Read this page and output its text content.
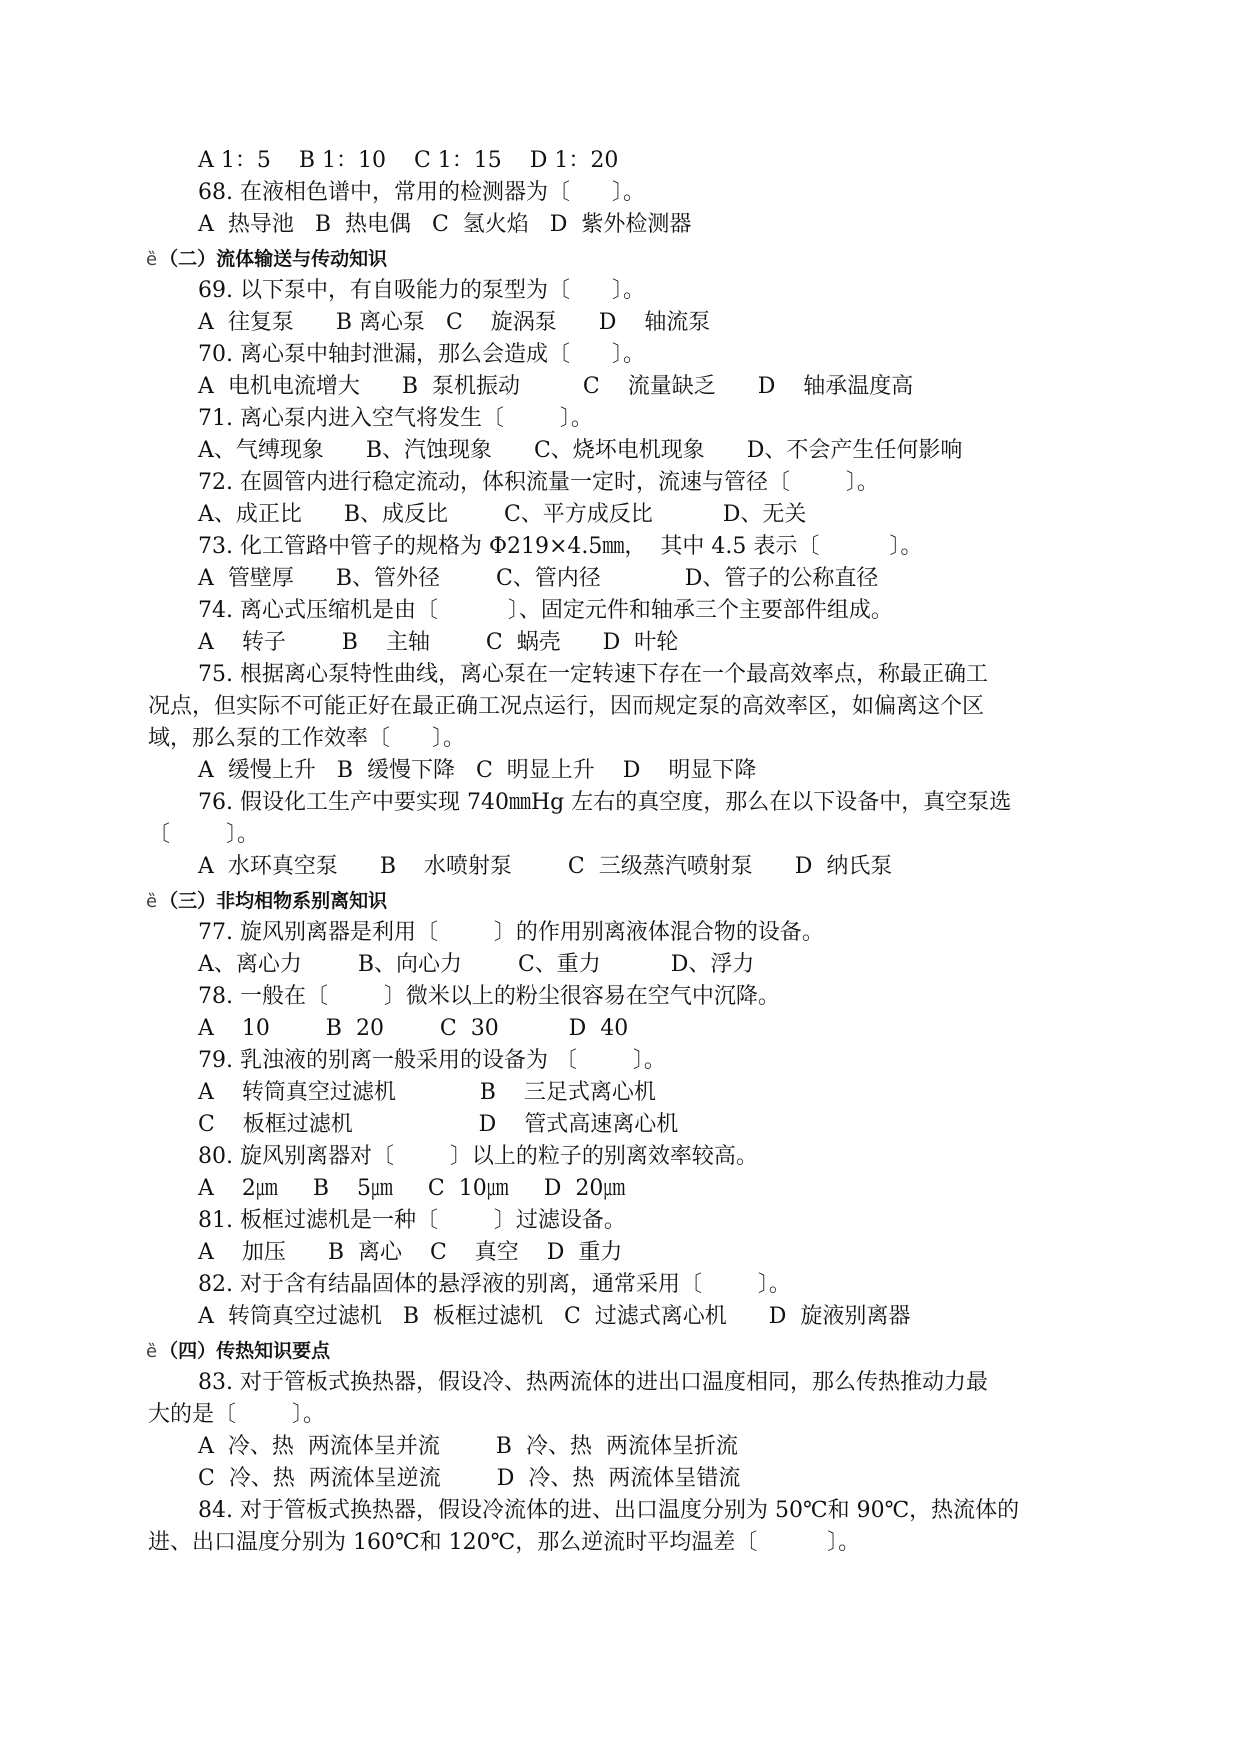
A 1：5    B 1：10    C 1：15    D 1：20
68. 在液相色谱中，常用的检测器为〔      〕。
A  热导池   B  热电偶   C  氢火焰   D  紫外检测器
ȅ （二）流体输送与传动知识
69. 以下泵中，有自吸能力的泵型为〔      〕。
A  往复泵      B 离心泵   C    旋涡泵      D    轴流泵
70. 离心泵中轴封泄漏，那么会造成〔      〕。
A  电机电流增大      B  泵机振动         C    流量缺乏      D    轴承温度高
71. 离心泵内进入空气将发生〔        〕。
A、气缚现象      B、汽蚀现象      C、烧坏电机现象      D、不会产生任何影响
72. 在圆管内进行稳定流动，体积流量一定时，流速与管径〔        〕。
A、成正比      B、成反比        C、平方成反比          D、无关
73. 化工管路中管子的规格为 Φ219×4.5㎜，  其中 4.5 表示〔          〕。
A  管壁厚      B、管外径        C、管内径            D、管子的公称直径
74. 离心式压缩机是由〔          〕、固定元件和轴承三个主要部件组成。
A    转子        B    主轴        C  蜗壳      D  叶轮
75. 根据离心泵特性曲线，离心泵在一定转速下存在一个最高效率点，称最正确工
况点，但实际不可能正好在最正确工况点运行，因而规定泵的高效率区，如偏离这个区
域，那么泵的工作效率〔      〕。
A  缓慢上升   B  缓慢下降   C  明显上升    D    明显下降
76. 假设化工生产中要实现 740㎜Hg 左右的真空度，那么在以下设备中，真空泵选
〔        〕。
A  水环真空泵      B    水喷射泵        C  三级蒸汽喷射泵      D  纳氏泵
ȅ （三）非均相物系别离知识
77. 旋风别离器是利用〔        〕的作用别离液体混合物的设备。
A、离心力        B、向心力        C、重力          D、浮力
78. 一般在〔        〕微米以上的粉尘很容易在空气中沉降。
A    10        B  20        C  30          D  40
79. 乳浊液的别离一般采用的设备为 〔        〕。
A    转筒真空过滤机            B    三足式离心机
C    板框过滤机                  D    管式高速离心机
80. 旋风别离器对〔        〕以上的粒子的别离效率较高。
A    2㎛     B    5㎛     C  10㎛     D  20㎛
81. 板框过滤机是一种〔        〕过滤设备。
A    加压      B  离心    C    真空    D  重力
82. 对于含有结晶固体的悬浮液的别离，通常采用〔        〕。
A  转筒真空过滤机   B  板框过滤机   C  过滤式离心机      D  旋液别离器
ȅ （四）传热知识要点
83. 对于管板式换热器，假设冷、热两流体的进出口温度相同，那么传热推动力最
大的是〔        〕。
A  冷、热  两流体呈并流        B  冷、热  两流体呈折流
C  冷、热  两流体呈逆流        D  冷、热  两流体呈错流
84. 对于管板式换热器，假设冷流体的进、出口温度分别为 50℃和 90℃，热流体的
进、出口温度分别为 160℃和 120℃，那么逆流时平均温差〔          〕。
